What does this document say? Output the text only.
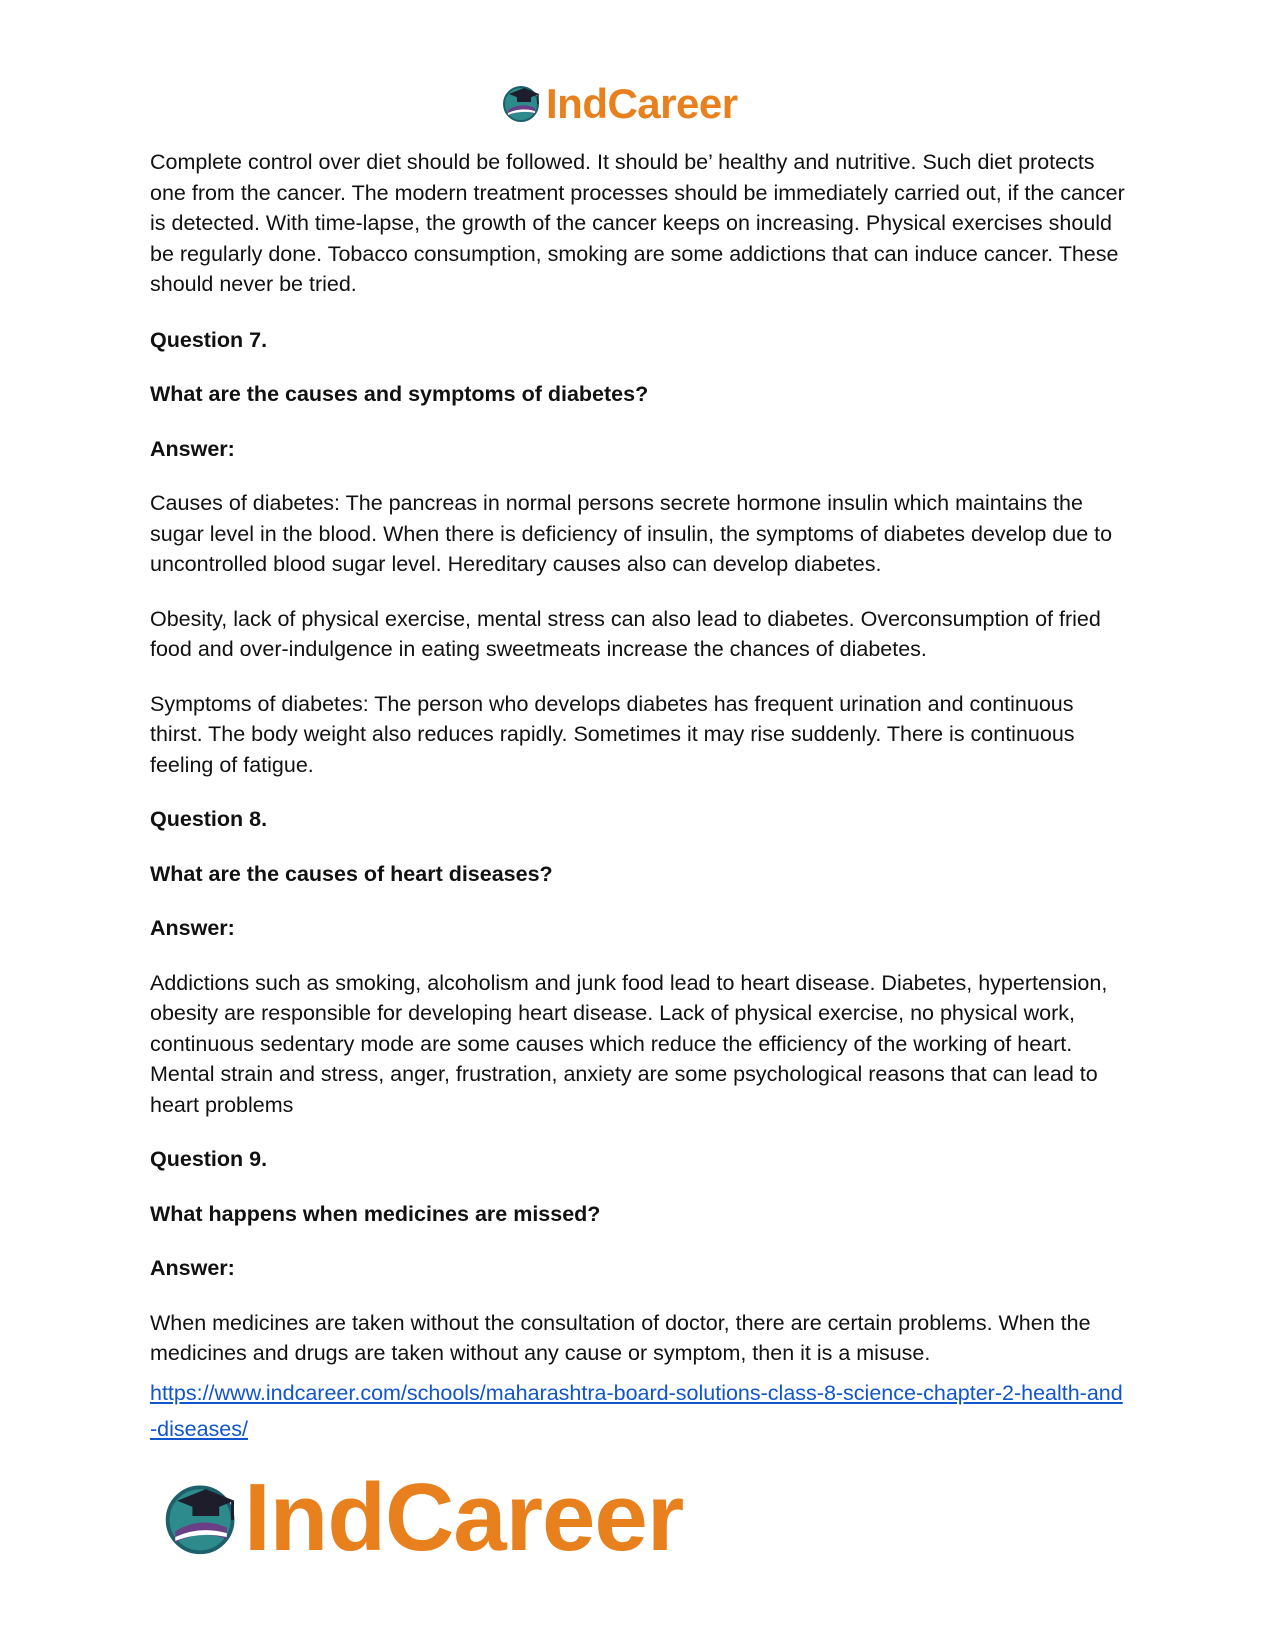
IndCareer

Complete control over diet should be followed. It should be’ healthy and nutritive. Such diet protects one from the cancer. The modern treatment processes should be immediately carried out, if the cancer is detected. With time-lapse, the growth of the cancer keeps on increasing. Physical exercises should be regularly done. Tobacco consumption, smoking are some addictions that can induce cancer. These should never be tried.

Question 7.
What are the causes and symptoms of diabetes?
Answer:

Causes of diabetes: The pancreas in normal persons secrete hormone insulin which maintains the sugar level in the blood. When there is deficiency of insulin, the symptoms of diabetes develop due to uncontrolled blood sugar level. Hereditary causes also can develop diabetes.

Obesity, lack of physical exercise, mental stress can also lead to diabetes. Overconsumption of fried food and over-indulgence in eating sweetmeats increase the chances of diabetes.

Symptoms of diabetes: The person who develops diabetes has frequent urination and continuous thirst. The body weight also reduces rapidly. Sometimes it may rise suddenly. There is continuous feeling of fatigue.

Question 8.
What are the causes of heart diseases?
Answer:

Addictions such as smoking, alcoholism and junk food lead to heart disease. Diabetes, hypertension, obesity are responsible for developing heart disease. Lack of physical exercise, no physical work, continuous sedentary mode are some causes which reduce the efficiency of the working of heart. Mental strain and stress, anger, frustration, anxiety are some psychological reasons that can lead to heart problems

Question 9.
What happens when medicines are missed?
Answer:

When medicines are taken without the consultation of doctor, there are certain problems. When the medicines and drugs are taken without any cause or symptom, then it is a misuse.

https://www.indcareer.com/schools/maharashtra-board-solutions-class-8-science-chapter-2-health-and-diseases/
IndCareer
